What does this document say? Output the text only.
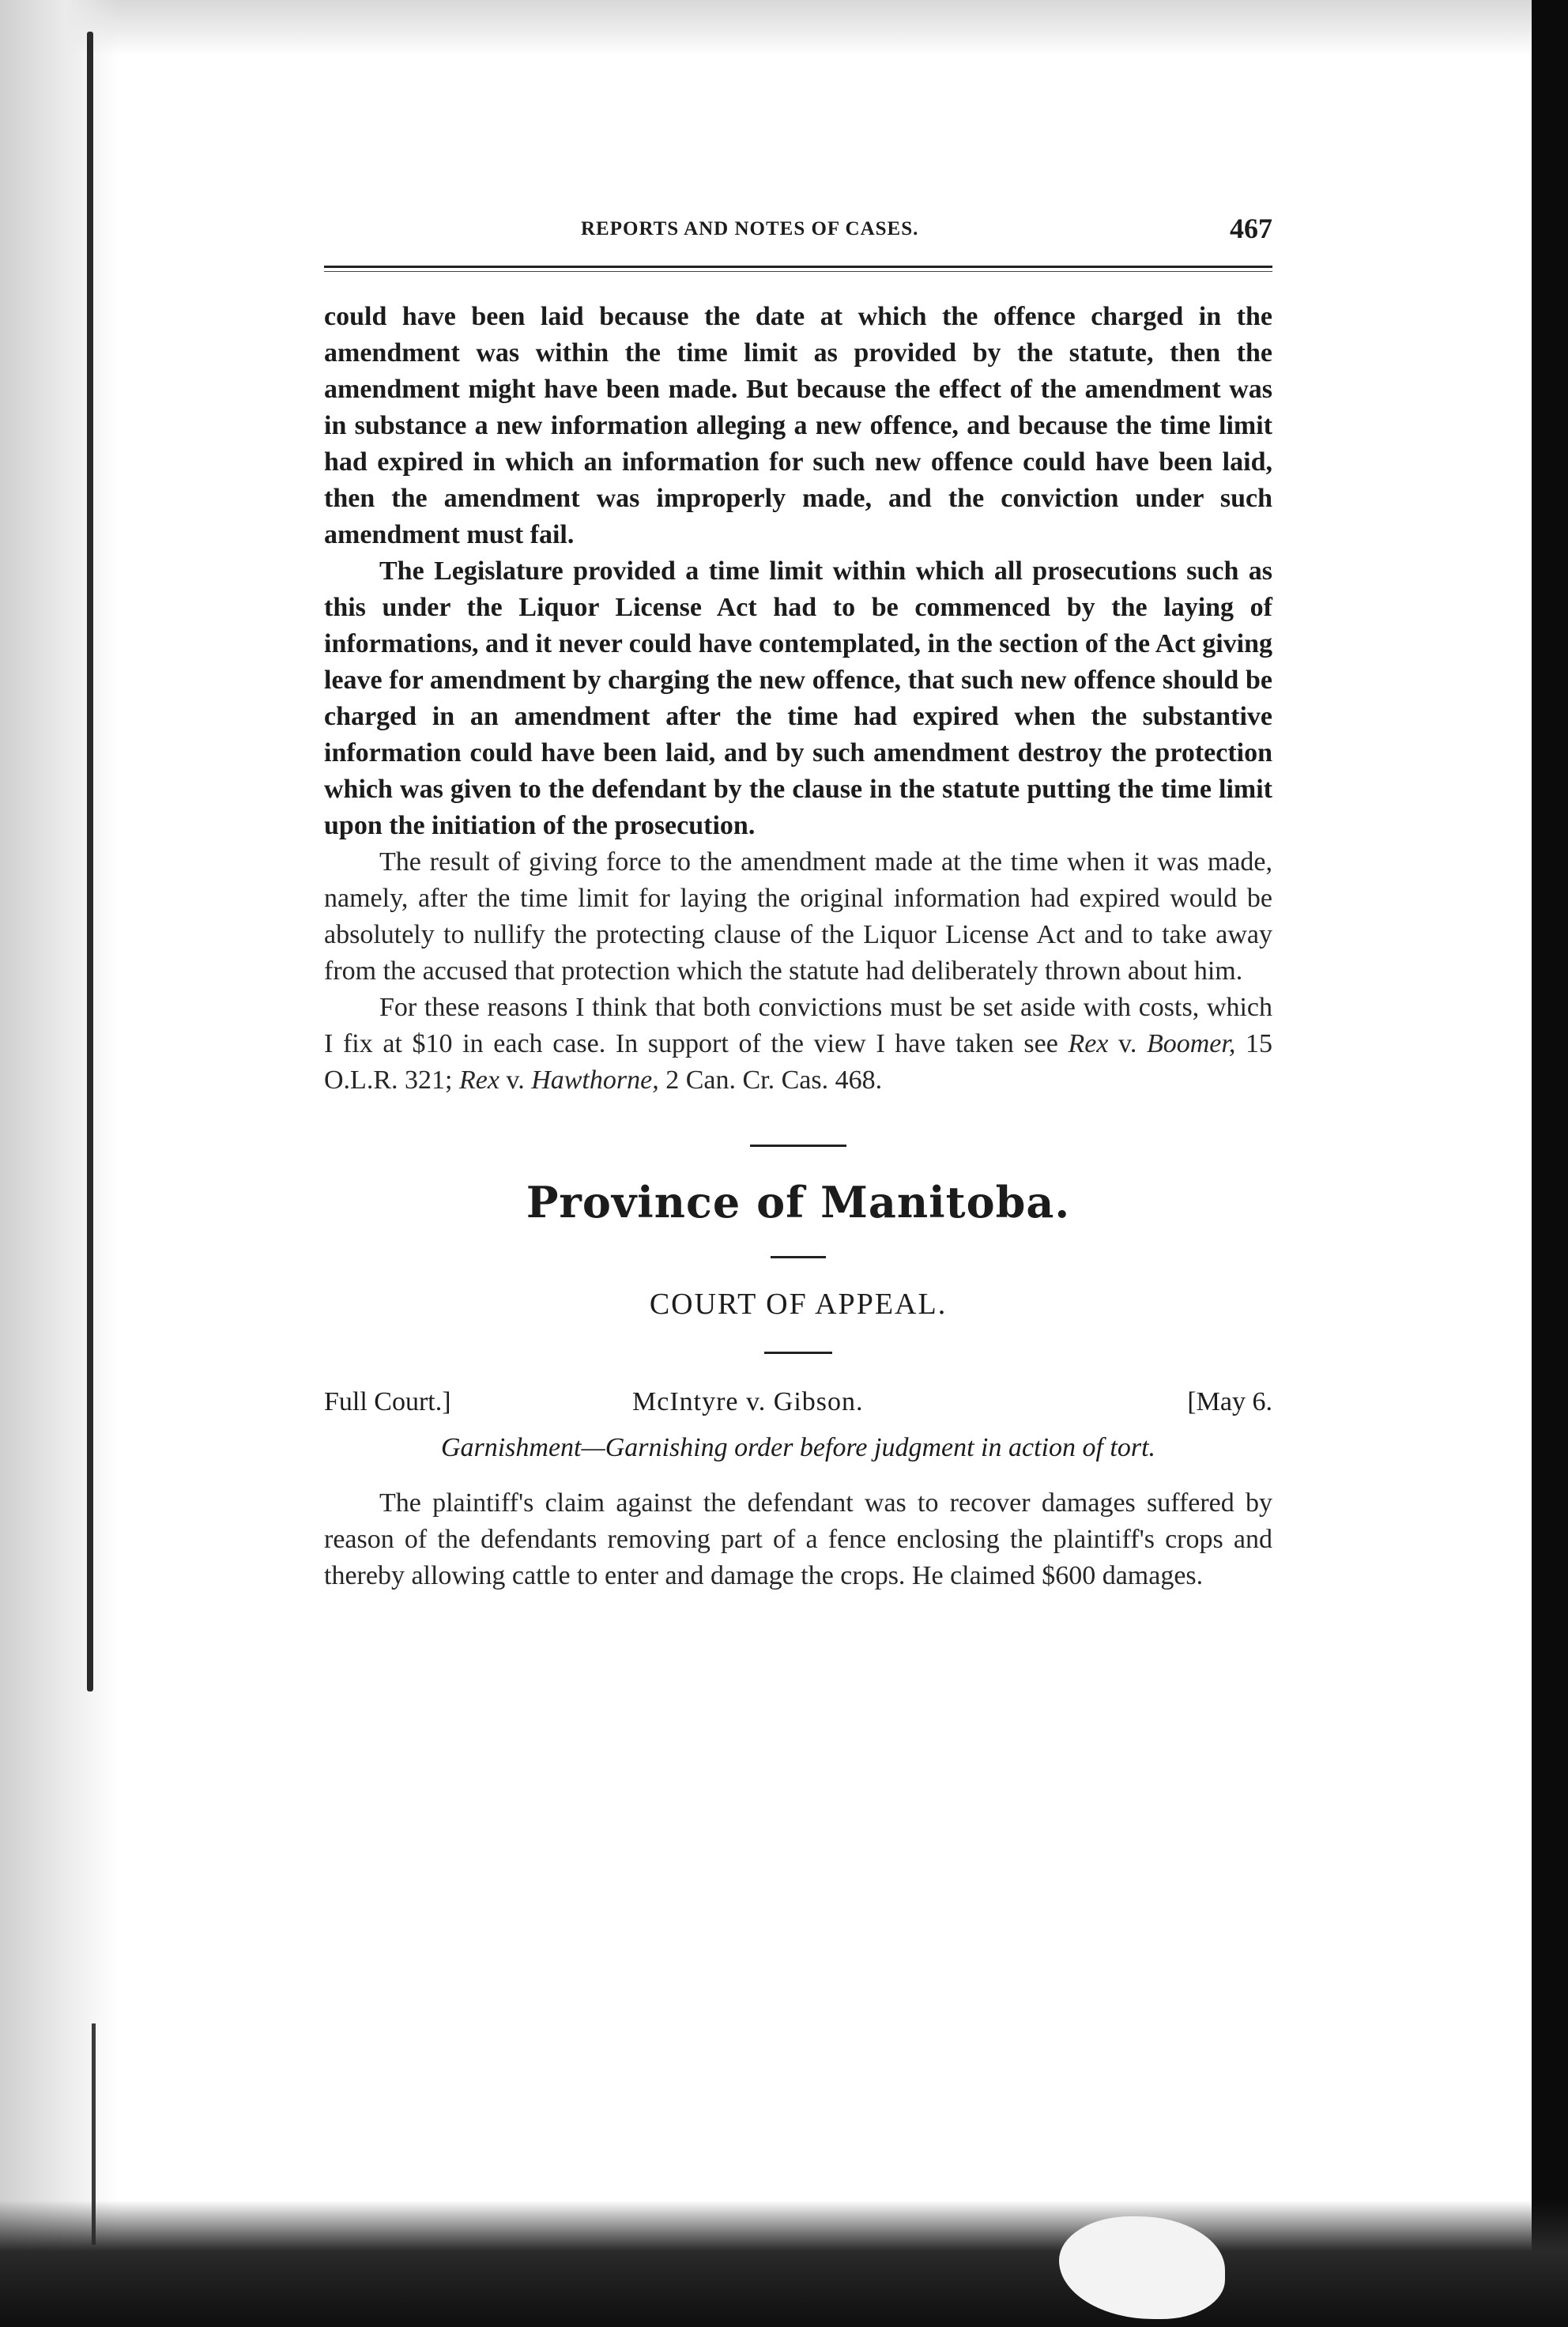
REPORTS AND NOTES OF CASES.	467

could have been laid because the date at which the offence charged in the amendment was within the time limit as provided by the statute, then the amendment might have been made. But because the effect of the amendment was in substance a new information alleging a new offence, and because the time limit had expired in which an information for such new offence could have been laid, then the amendment was improperly made, and the conviction under such amendment must fail.

The Legislature provided a time limit within which all prosecutions such as this under the Liquor License Act had to be commenced by the laying of informations, and it never could have contemplated, in the section of the Act giving leave for amendment by charging the new offence, that such new offence should be charged in an amendment after the time had expired when the substantive information could have been laid, and by such amendment destroy the protection which was given to the defendant by the clause in the statute putting the time limit upon the initiation of the prosecution.

The result of giving force to the amendment made at the time when it was made, namely, after the time limit for laying the original information had expired would be absolutely to nullify the protecting clause of the Liquor License Act and to take away from the accused that protection which the statute had deliberately thrown about him.

For these reasons I think that both convictions must be set aside with costs, which I fix at $10 in each case. In support of the view I have taken see Rex v. Boomer, 15 O.L.R. 321; Rex v. Hawthorne, 2 Can. Cr. Cas. 468.

Province of Manitoba.
COURT OF APPEAL.
Full Court.]	McIntyre v. Gibson.	[May 6.
Garnishment—Garnishing order before judgment in action of tort.

The plaintiff's claim against the defendant was to recover damages suffered by reason of the defendants removing part of a fence enclosing the plaintiff's crops and thereby allowing cattle to enter and damage the crops. He claimed $600 damages.
